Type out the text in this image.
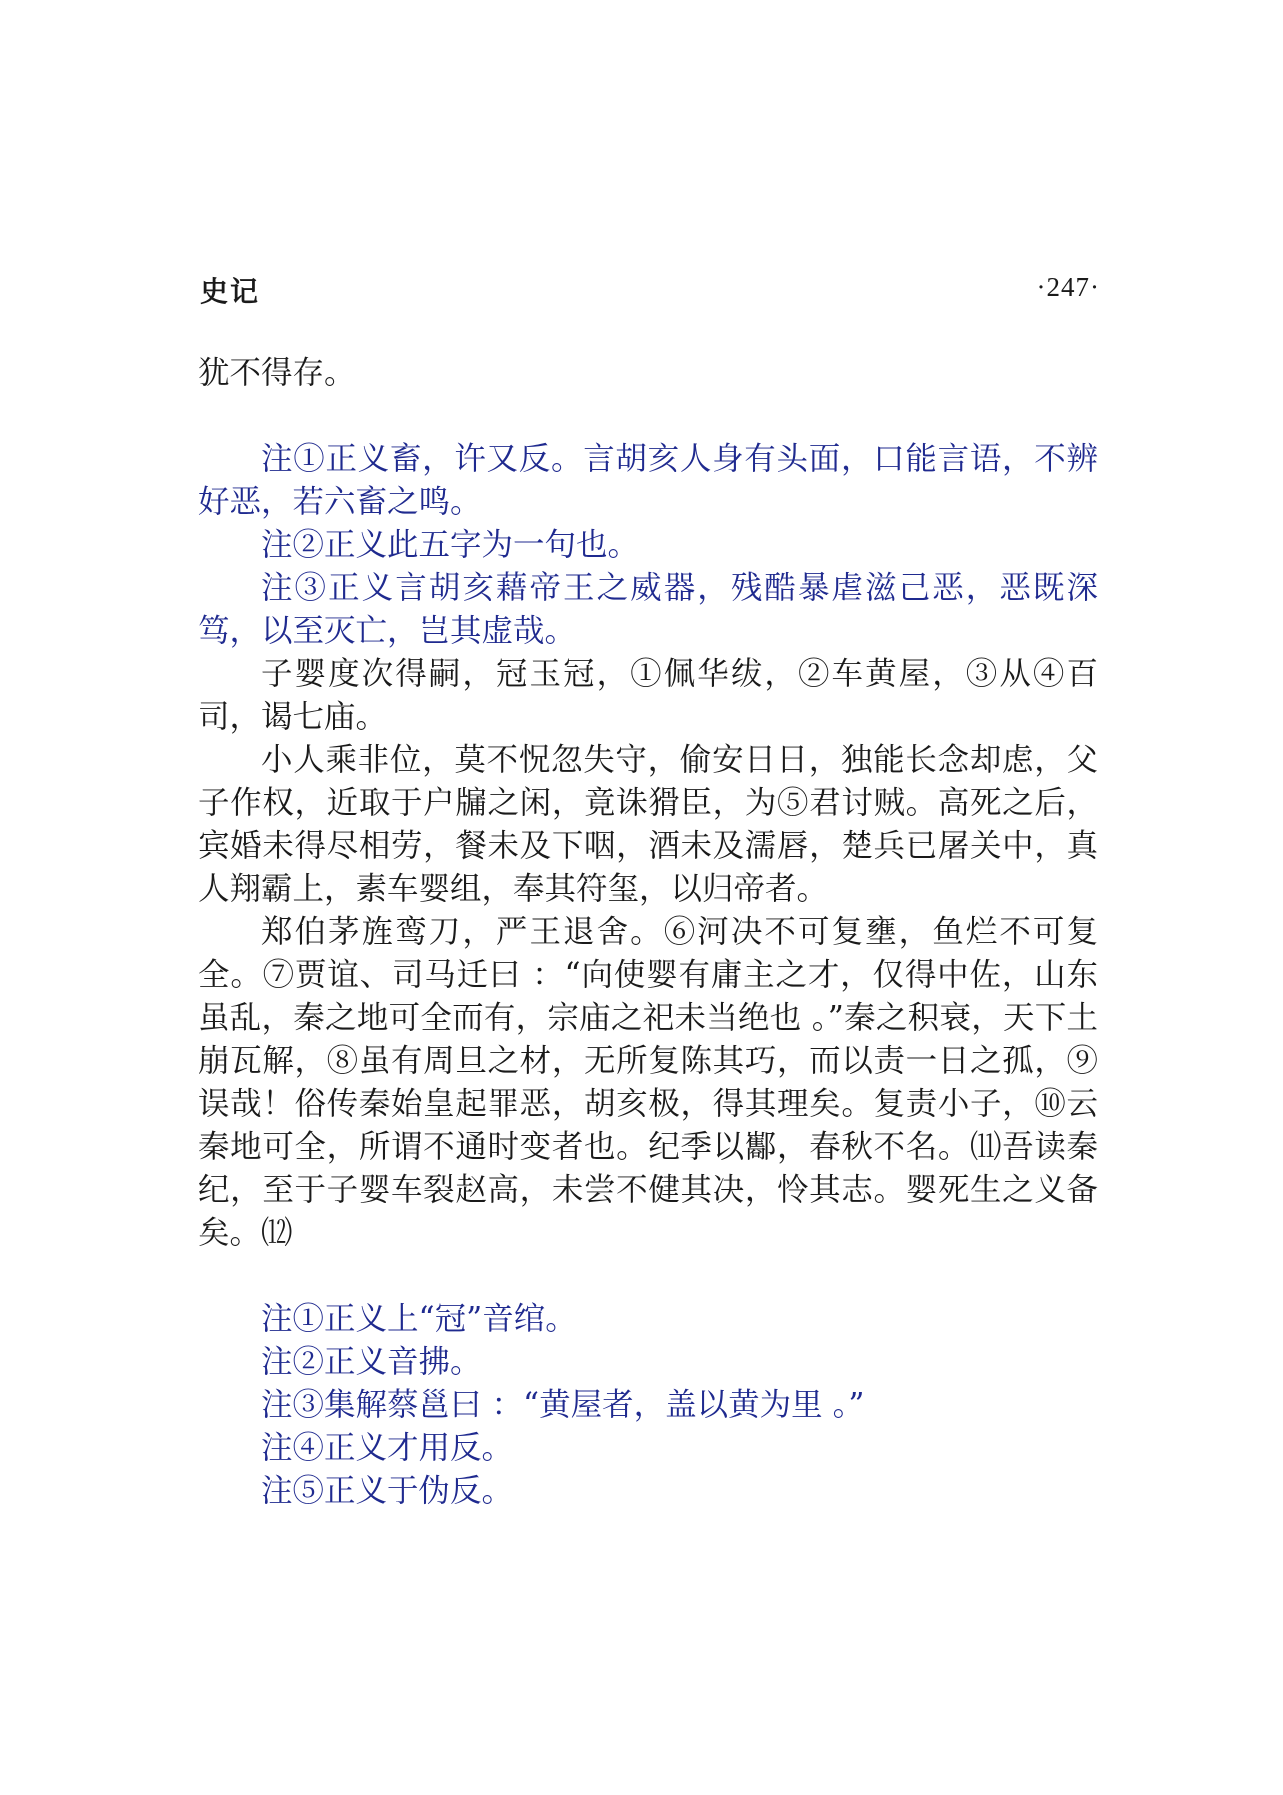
史记	·247·

犹不得存。

注①正义畜，许又反。言胡亥人身有头面，口能言语，不辨好恶，若六畜之鸣。

注②正义此五字为一句也。

注③正义言胡亥藉帝王之威器，残酷暴虐滋己恶，恶既深笃，以至灭亡，岂其虚哉。

子婴度次得嗣，冠玉冠，①佩华绂，②车黄屋，③从④百司，谒七庙。

小人乘非位，莫不怳忽失守，偷安日日，独能长念却虑，父子作权，近取于户牖之闲，竟诛猾臣，为⑤君讨贼。高死之后，宾婚未得尽相劳，餐未及下咽，酒未及濡唇，楚兵已屠关中，真人翔霸上，素车婴组，奉其符玺，以归帝者。

郑伯茅旌鸾刀，严王退舍。⑥河决不可复壅，鱼烂不可复全。⑦贾谊、司马迁曰 ：“向使婴有庸主之才，仅得中佐，山东虽乱，秦之地可全而有，宗庙之祀未当绝也 。”秦之积衰，天下土崩瓦解，⑧虽有周旦之材，无所复陈其巧，而以责一日之孤，⑨误哉！俗传秦始皇起罪恶，胡亥极，得其理矣。复责小子，⑩云秦地可全，所谓不通时变者也。纪季以酅，春秋不名。⑾吾读秦纪，至于子婴车裂赵高，未尝不健其决，怜其志。婴死生之义备矣。⑿

注①正义上“冠”音绾。

注②正义音拂。

注③集解蔡邕曰 ：“黄屋者，盖以黄为里 。”

注④正义才用反。

注⑤正义于伪反。
